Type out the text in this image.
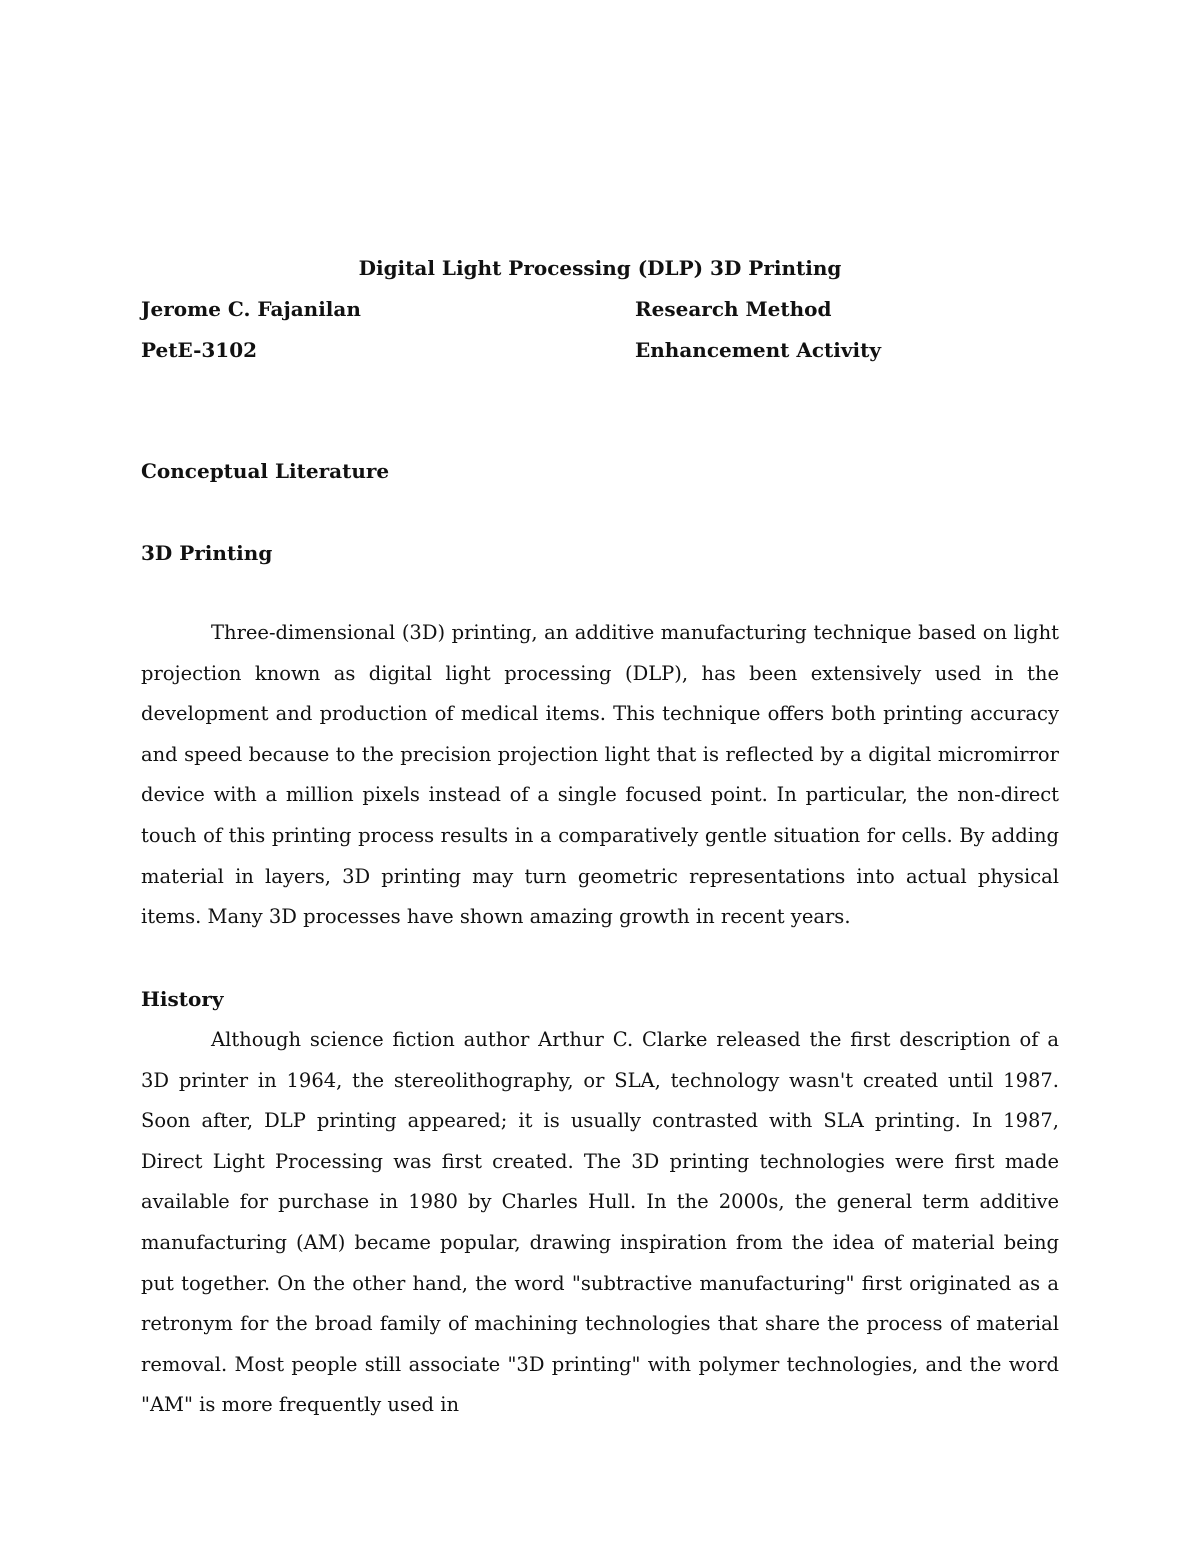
Digital Light Processing (DLP) 3D Printing
Jerome C. Fajanilan	Research Method
PetE-3102	Enhancement Activity
Conceptual Literature
3D Printing

Three-dimensional (3D) printing, an additive manufacturing technique based on light projection known as digital light processing (DLP), has been extensively used in the development and production of medical items. This technique offers both printing accuracy and speed because to the precision projection light that is reflected by a digital micromirror device with a million pixels instead of a single focused point. In particular, the non-direct touch of this printing process results in a comparatively gentle situation for cells. By adding material in layers, 3D printing may turn geometric representations into actual physical items. Many 3D processes have shown amazing growth in recent years.

History

Although science fiction author Arthur C. Clarke released the first description of a 3D printer in 1964, the stereolithography, or SLA, technology wasn't created until 1987. Soon after, DLP printing appeared; it is usually contrasted with SLA printing. In 1987, Direct Light Processing was first created. The 3D printing technologies were first made available for purchase in 1980 by Charles Hull. In the 2000s, the general term additive manufacturing (AM) became popular, drawing inspiration from the idea of material being put together. On the other hand, the word "subtractive manufacturing" first originated as a retronym for the broad family of machining technologies that share the process of material removal. Most people still associate "3D printing" with polymer technologies, and the word "AM" is more frequently used in
